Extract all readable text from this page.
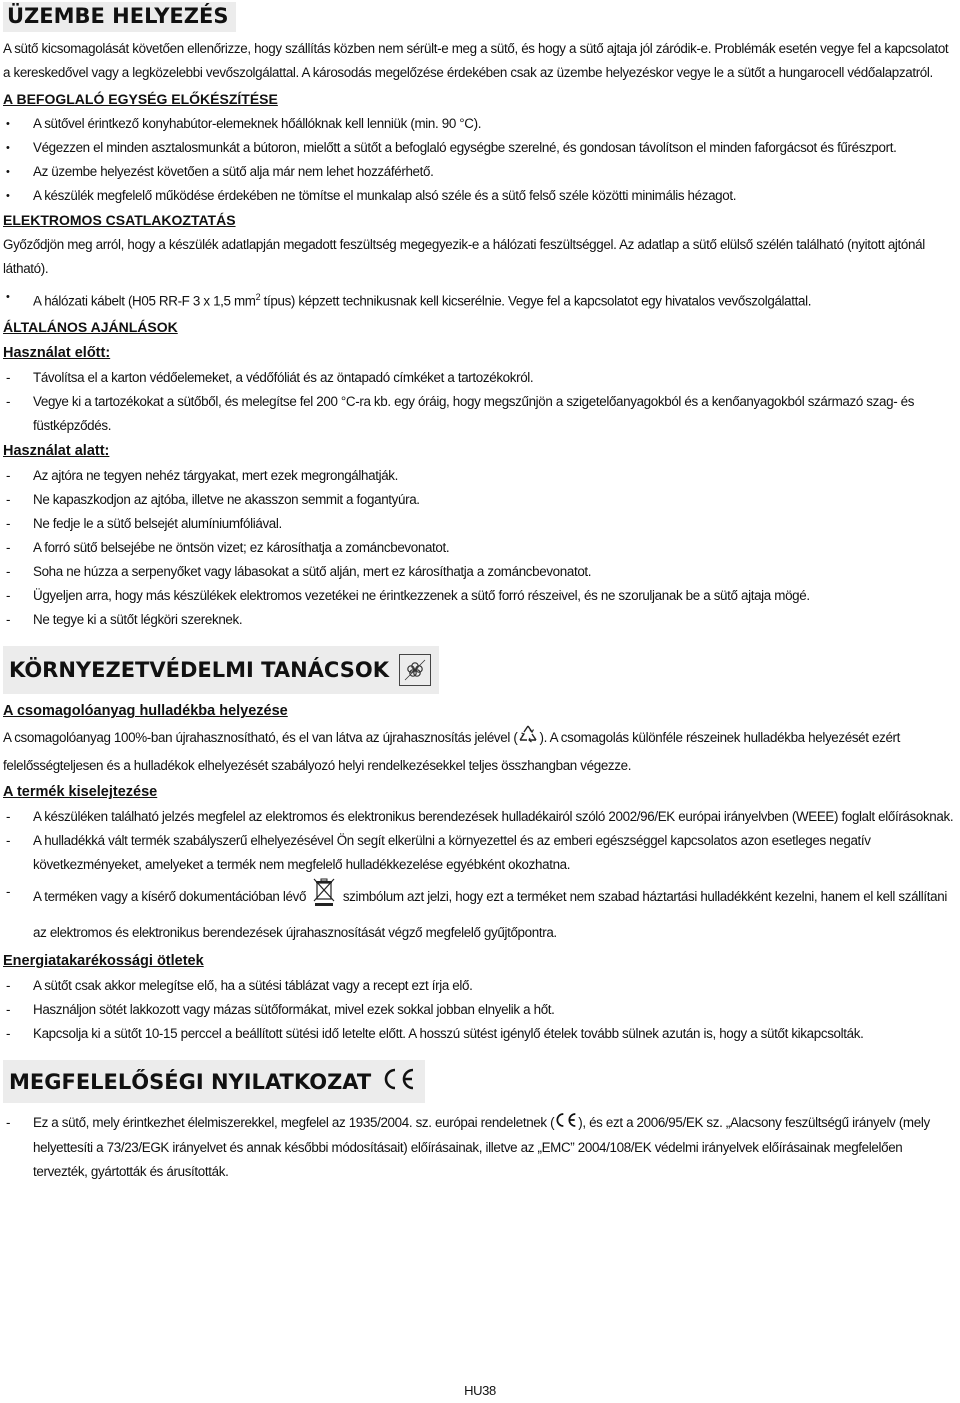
ÜZEMBE HELYEZÉS

A sütő kicsomagolását követően ellenőrizze, hogy szállítás közben nem sérült-e meg a sütő, és hogy a sütő ajtaja jól záródik-e. Problémák esetén vegye fel a kapcsolatot a kereskedővel vagy a legközelebbi vevőszolgálattal. A károsodás megelőzése érdekében csak az üzembe helyezéskor vegye le a sütőt a hungarocell védőalapzatról.

A BEFOGLALÓ EGYSÉG ELŐKÉSZÍTÉSE
• A sütővel érintkező konyhabútor-elemeknek hőállóknak kell lenniük (min. 90 °C).
• Végezzen el minden asztalosmunkát a bútoron, mielőtt a sütőt a befoglaló egységbe szerelné, és gondosan távolítson el minden faforgácsot és fűrészport.
• Az üzembe helyezést követően a sütő alja már nem lehet hozzáférhető.
• A készülék megfelelő működése érdekében ne tömítse el munkalap alsó széle és a sütő felső széle közötti minimális hézagot.
ELEKTROMOS CSATLAKOZTATÁS

Győződjön meg arról, hogy a készülék adatlapján megadott feszültség megegyezik-e a hálózati feszültséggel. Az adatlap a sütő elülső szélén található (nyitott ajtónál látható).

• A hálózati kábelt (H05 RR-F 3 x 1,5 $mm^2$ típus) képzett technikusnak kell kicserélnie. Vegye fel a kapcsolatot egy hivatalos vevőszolgálattal.
ÁLTALÁNOS AJÁNLÁSOK
Használat előtt:
- Távolítsa el a karton védőelemeket, a védőfóliát és az öntapadó címkéket a tartozékokról.
- Vegye ki a tartozékokat a sütőből, és melegítse fel 200 °C-ra kb. egy óráig, hogy megszűnjön a szigetelőanyagokból és a kenőanyagokból származó szag- és füstképződés.
Használat alatt:
- Az ajtóra ne tegyen nehéz tárgyakat, mert ezek megrongálhatják.
- Ne kapaszkodjon az ajtóba, illetve ne akasszon semmit a fogantyúra.
- Ne fedje le a sütő belsejét alumíniumfóliával.
- A forró sütő belsejébe ne öntsön vizet; ez károsíthatja a zománcbevonatot.
- Soha ne húzza a serpenyőket vagy lábasokat a sütő alján, mert ez károsíthatja a zománcbevonatot.
- Ügyeljen arra, hogy más készülékek elektromos vezetékei ne érintkezzenek a sütő forró részeivel, és ne szoruljanak be a sütő ajtaja mögé.
- Ne tegye ki a sütőt légköri szereknek.
KÖRNYEZETVÉDELMI TANÁCSOK
A csomagolóanyag hulladékba helyezése

A csomagolóanyag 100%-ban újrahasznosítható, és el van látva az újrahasznosítás jelével ( ). A csomagolás különféle részeinek hulladékba helyezését ezért felelősségteljesen és a hulladékok elhelyezését szabályozó helyi rendelkezésekkel teljes összhangban végezze.

A termék kiselejtezése
- A készüléken található jelzés megfelel az elektromos és elektronikus berendezések hulladékairól szóló 2002/96/EK európai irányelvben (WEEE) foglalt előírásoknak.
- A hulladékká vált termék szabályszerű elhelyezésével Ön segít elkerülni a környezettel és az emberi egészséggel kapcsolatos azon esetleges negatív következményeket, amelyeket a termék nem megfelelő hulladékkezelése egyébként okozhatna.
- A terméken vagy a kísérő dokumentációban lévő	szimbólum azt jelzi, hogy ezt a terméket nem szabad háztartási hulladékként kezelni, hanem el kell szállítani az elektromos és elektronikus berendezések újrahasznosítását végző megfelelő gyűjtőpontra.
Energiatakarékossági ötletek
- A sütőt csak akkor melegítse elő, ha a sütési táblázat vagy a recept ezt írja elő.
- Használjon sötét lakkozott vagy mázas sütőformákat, mivel ezek sokkal jobban elnyelik a hőt.
- Kapcsolja ki a sütőt 10-15 perccel a beállított sütési idő letelte előtt. A hosszú sütést igénylő ételek tovább sülnek azután is, hogy a sütőt kikapcsolták.
MEGFELELŐSÉGI NYILATKOZAT
- Ez a sütő, mely érintkezhet élelmiszerekkel, megfelel az 1935/2004. sz. európai rendeletnek ( ), és ezt a 2006/95/EK sz. „Alacsony feszültségű irányelv (mely helyettesíti a 73/23/EGK irányelvet és annak későbbi módosításait) előírásainak, illetve az „EMC” 2004/108/EK védelmi irányelvek előírásainak megfelelően tervezték, gyártották és árusították.
HU38
